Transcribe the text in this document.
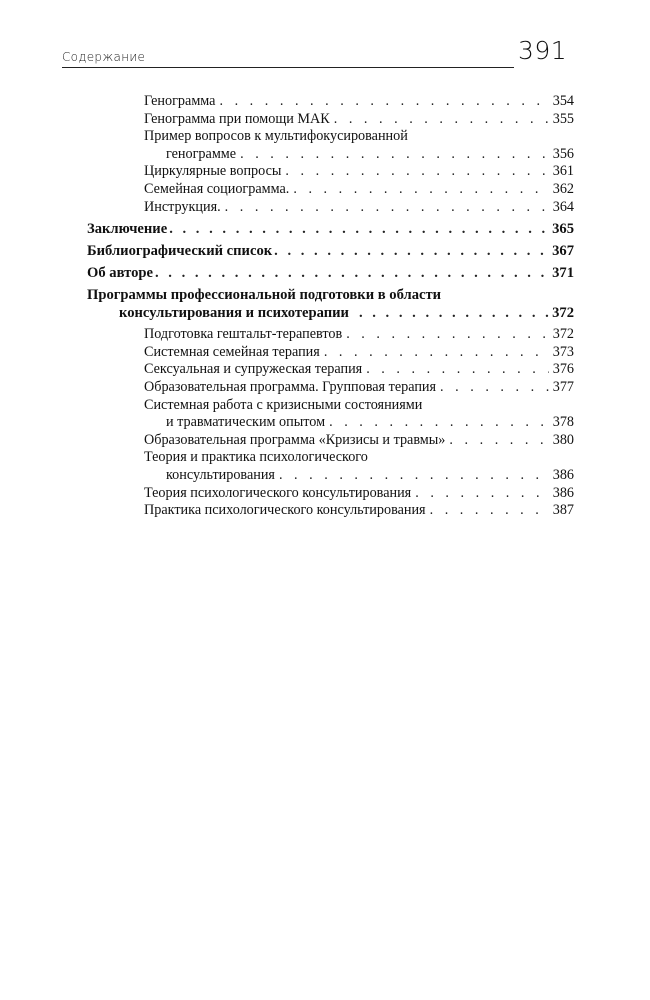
Содержание	391
Генограмма . . .	354
Генограмма при помощи МАК . . .	355
Пример вопросов к мультифокусированной
генограмме . . .	356
Циркулярные вопросы . . .	361
Семейная социограмма. . . .	362
Инструкция. . . .	364
Заключение . . .	365
Библиографический список . . .	367
Об авторе . . .	371
Программы профессиональной подготовки в области
консультирования и психотерапии . . .	372
Подготовка гештальт-терапевтов . . .	372
Системная семейная терапия . . .	373
Сексуальная и супружеская терапия . . .	376
Образовательная программа. Групповая терапия . . .	377
Системная работа с кризисными состояниями
и травматическим опытом . . .	378
Образовательная программа «Кризисы и травмы» . . .	380
Теория и практика психологического
консультирования . . .	386
Теория психологического консультирования . . .	386
Практика психологического консультирования . . .	387
